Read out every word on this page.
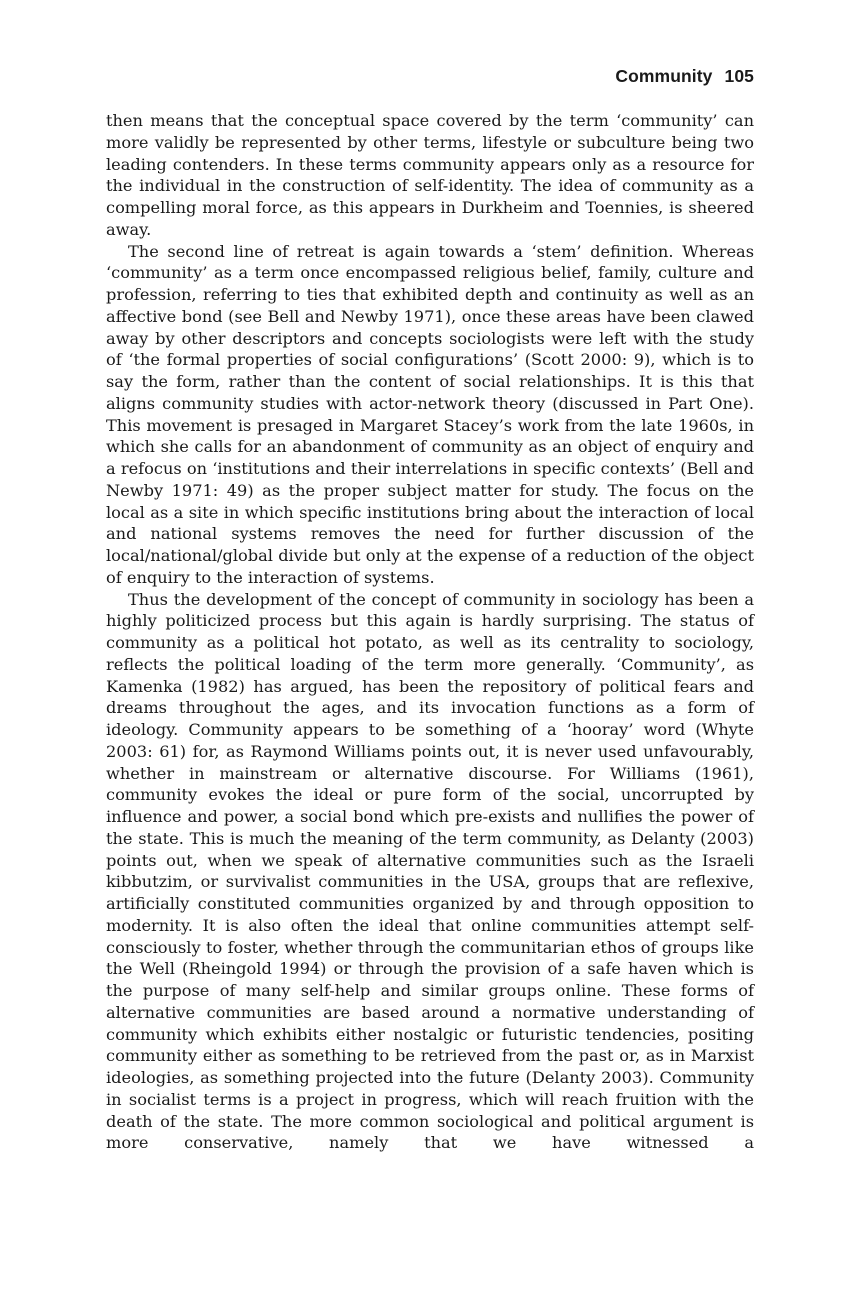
Community 105

then means that the conceptual space covered by the term ‘community’ can more validly be represented by other terms, lifestyle or subculture being two leading contenders. In these terms community appears only as a resource for the individual in the construction of self-identity. The idea of community as a compelling moral force, as this appears in Durkheim and Toennies, is sheered away.

The second line of retreat is again towards a ‘stem’ definition. Whereas ‘community’ as a term once encompassed religious belief, family, culture and profession, referring to ties that exhibited depth and continuity as well as an affective bond (see Bell and Newby 1971), once these areas have been clawed away by other descriptors and concepts sociologists were left with the study of ‘the formal properties of social configurations’ (Scott 2000: 9), which is to say the form, rather than the content of social relationships. It is this that aligns community studies with actor-network theory (discussed in Part One). This movement is presaged in Margaret Stacey’s work from the late 1960s, in which she calls for an abandonment of community as an object of enquiry and a refocus on ‘institutions and their interrelations in specific contexts’ (Bell and Newby 1971: 49) as the proper subject matter for study. The focus on the local as a site in which specific institutions bring about the interaction of local and national systems removes the need for further discussion of the local/national/global divide but only at the expense of a reduction of the object of enquiry to the interaction of systems.

Thus the development of the concept of community in sociology has been a highly politicized process but this again is hardly surprising. The status of community as a political hot potato, as well as its centrality to sociology, reflects the political loading of the term more generally. ‘Community’, as Kamenka (1982) has argued, has been the repository of political fears and dreams throughout the ages, and its invocation functions as a form of ideology. Community appears to be something of a ‘hooray’ word (Whyte 2003: 61) for, as Raymond Williams points out, it is never used unfavourably, whether in mainstream or alternative discourse. For Williams (1961), community evokes the ideal or pure form of the social, uncorrupted by influence and power, a social bond which pre-exists and nullifies the power of the state. This is much the meaning of the term community, as Delanty (2003) points out, when we speak of alternative communities such as the Israeli kibbutzim, or survivalist communities in the USA, groups that are reflexive, artificially constituted communities organized by and through opposition to modernity. It is also often the ideal that online communities attempt self-consciously to foster, whether through the communitarian ethos of groups like the Well (Rheingold 1994) or through the provision of a safe haven which is the purpose of many self-help and similar groups online. These forms of alternative communities are based around a normative understanding of community which exhibits either nostalgic or futuristic tendencies, positing community either as something to be retrieved from the past or, as in Marxist ideologies, as something projected into the future (Delanty 2003). Community in socialist terms is a project in progress, which will reach fruition with the death of the state. The more common sociological and political argument is more conservative, namely that we have witnessed a
